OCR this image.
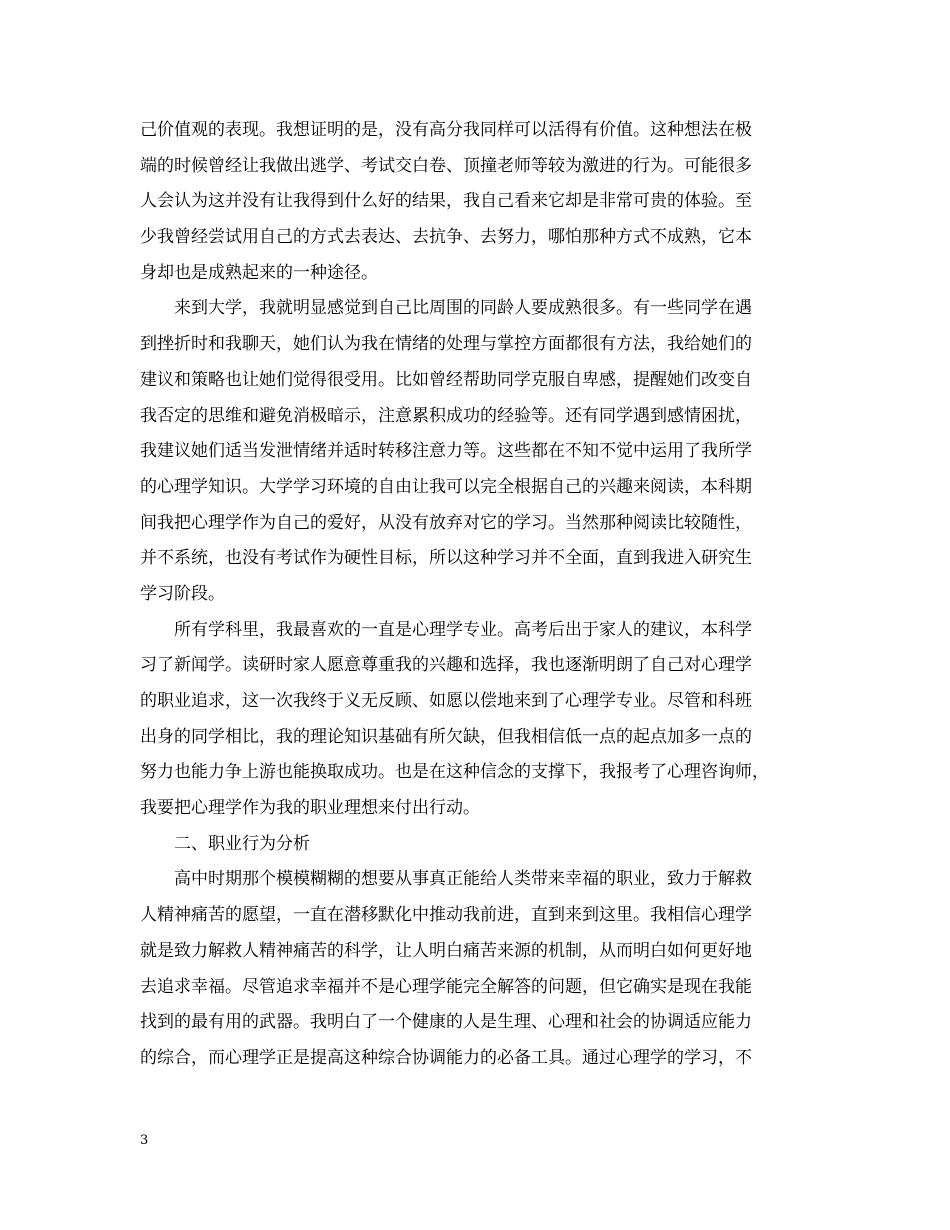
己价值观的表现。我想证明的是，没有高分我同样可以活得有价值。这种想法在极
端的时候曾经让我做出逃学、考试交白卷、顶撞老师等较为激进的行为。可能很多
人会认为这并没有让我得到什么好的结果，我自己看来它却是非常可贵的体验。至
少我曾经尝试用自己的方式去表达、去抗争、去努力，哪怕那种方式不成熟，它本
身却也是成熟起来的一种途径。
来到大学，我就明显感觉到自己比周围的同龄人要成熟很多。有一些同学在遇
到挫折时和我聊天，她们认为我在情绪的处理与掌控方面都很有方法，我给她们的
建议和策略也让她们觉得很受用。比如曾经帮助同学克服自卑感，提醒她们改变自
我否定的思维和避免消极暗示，注意累积成功的经验等。还有同学遇到感情困扰，
我建议她们适当发泄情绪并适时转移注意力等。这些都在不知不觉中运用了我所学
的心理学知识。大学学习环境的自由让我可以完全根据自己的兴趣来阅读，本科期
间我把心理学作为自己的爱好，从没有放弃对它的学习。当然那种阅读比较随性，
并不系统，也没有考试作为硬性目标，所以这种学习并不全面，直到我进入研究生
学习阶段。
所有学科里，我最喜欢的一直是心理学专业。高考后出于家人的建议，本科学
习了新闻学。读研时家人愿意尊重我的兴趣和选择，我也逐渐明朗了自己对心理学
的职业追求，这一次我终于义无反顾、如愿以偿地来到了心理学专业。尽管和科班
出身的同学相比，我的理论知识基础有所欠缺，但我相信低一点的起点加多一点的
努力也能力争上游也能换取成功。也是在这种信念的支撑下，我报考了心理咨询师，
我要把心理学作为我的职业理想来付出行动。
二、职业行为分析
高中时期那个模模糊糊的想要从事真正能给人类带来幸福的职业，致力于解救
人精神痛苦的愿望，一直在潜移默化中推动我前进，直到来到这里。我相信心理学
就是致力解救人精神痛苦的科学，让人明白痛苦来源的机制，从而明白如何更好地
去追求幸福。尽管追求幸福并不是心理学能完全解答的问题，但它确实是现在我能
找到的最有用的武器。我明白了一个健康的人是生理、心理和社会的协调适应能力
的综合，而心理学正是提高这种综合协调能力的必备工具。通过心理学的学习，不
3
